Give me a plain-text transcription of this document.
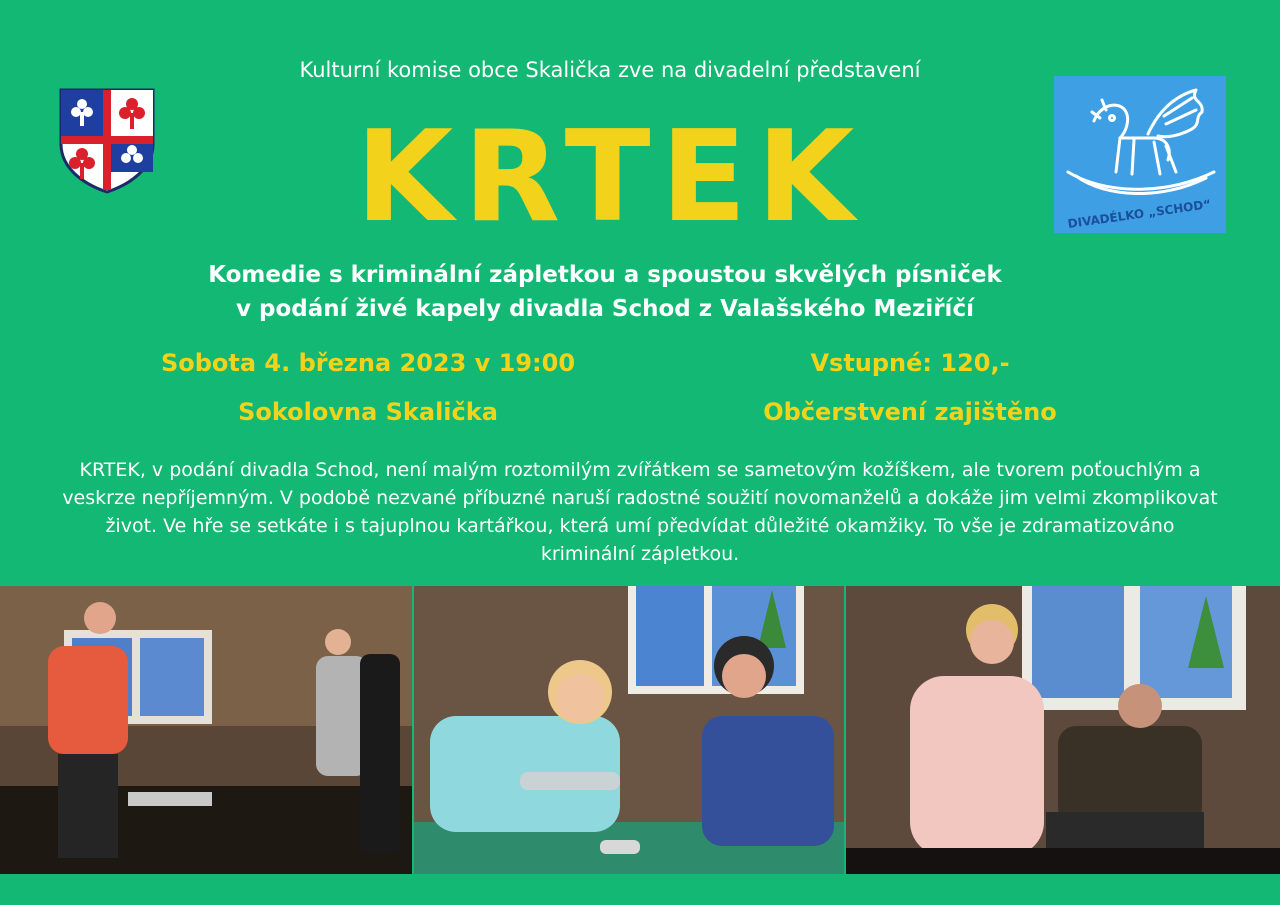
Kulturní komise obce Skalička zve na divadelní představení
KRTEK
Komedie s kriminální zápletkou a spoustou skvělých písniček
v podání živé kapely divadla Schod z Valašského Meziříčí
Sobota 4. března 2023 v 19:00	Vstupné: 120,-
Sokolovna Skalička	Občerstvení zajištěno
KRTEK, v podání divadla Schod, není malým roztomilým zvířátkem se sametovým kožíškem, ale tvorem poťouchlým a veskrze nepříjemným. V podobě nezvané příbuzné naruší radostné soužití novomanželů a dokáže jim velmi zkomplikovat život. Ve hře se setkáte i s tajuplnou kartářkou, která umí předvídat důležité okamžiky. To vše je zdramatizováno kriminální zápletkou.
DIVADÉLKO „SCHOD“
